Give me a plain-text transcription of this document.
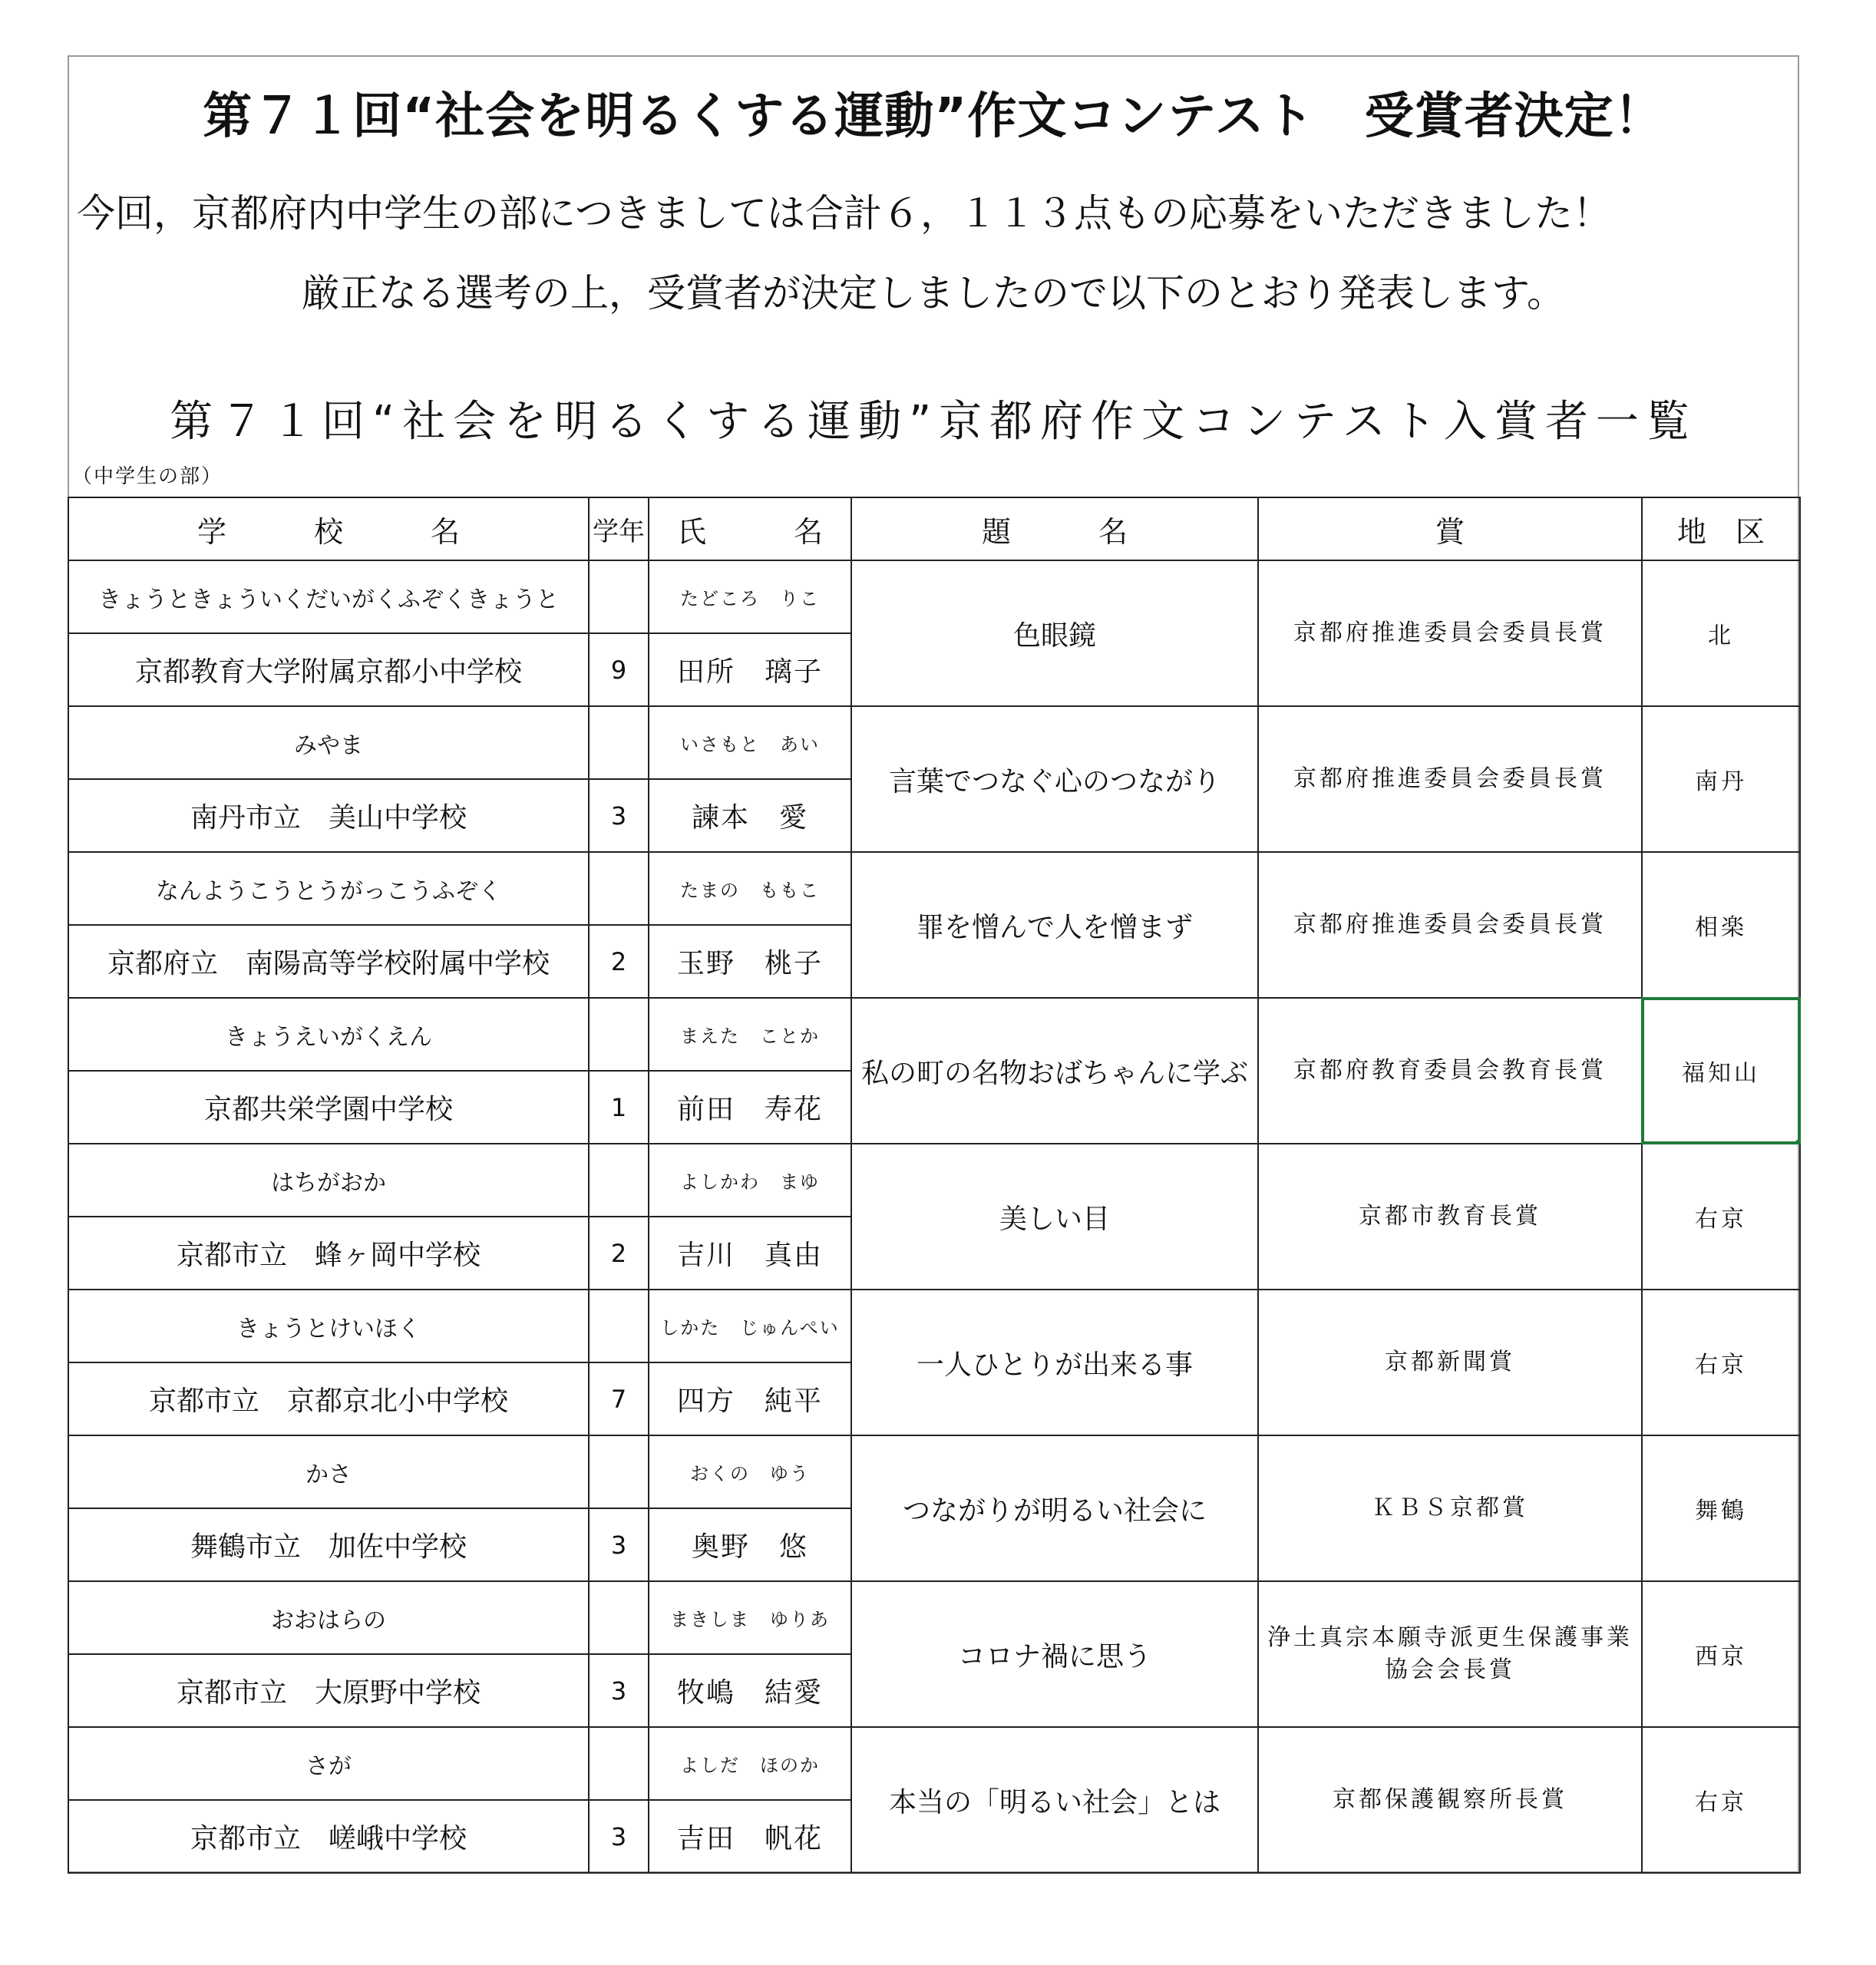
第７１回“社会を明るくする運動”作文コンテスト　受賞者決定！
今回，京都府内中学生の部につきましては合計６，１１３点もの応募をいただきました！
厳正なる選考の上，受賞者が決定しましたので以下のとおり発表します。
第７１回“社会を明るくする運動”京都府作文コンテスト入賞者一覧
（中学生の部）
学　　　校　　　名	学年	氏　　　名	題　　　名	賞	地　区
きょうときょういくだいがくふぞくきょうと		たどころ　りこ	色眼鏡	京都府推進委員会委員長賞	北
京都教育大学附属京都小中学校	9	田所　璃子			
みやま		いさもと　あい	言葉でつなぐ心のつながり	京都府推進委員会委員長賞	南丹
南丹市立　美山中学校	3	諫本　愛			
なんようこうとうがっこうふぞく		たまの　ももこ	罪を憎んで人を憎まず	京都府推進委員会委員長賞	相楽
京都府立　南陽高等学校附属中学校	2	玉野　桃子			
きょうえいがくえん		まえた　ことか	私の町の名物おばちゃんに学ぶ	京都府教育委員会教育長賞	福知山

京都共栄学園中学校	1	前田　寿花			
はちがおか		よしかわ　まゆ	美しい目	京都市教育長賞	右京
京都市立　蜂ヶ岡中学校	2	吉川　真由			
きょうとけいほく		しかた　じゅんぺい	一人ひとりが出来る事	京都新聞賞	右京
京都市立　京都京北小中学校	7	四方　純平			
かさ		おくの　ゆう	つながりが明るい社会に	ＫＢＳ京都賞	舞鶴
舞鶴市立　加佐中学校	3	奥野　悠			
おおはらの		まきしま　ゆりあ	コロナ禍に思う	浄土真宗本願寺派更生保護事業協会会長賞	西京
京都市立　大原野中学校	3	牧嶋　結愛			
さが		よしだ　ほのか	本当の「明るい社会」とは	京都保護観察所長賞	右京
京都市立　嵯峨中学校	3	吉田　帆花			
